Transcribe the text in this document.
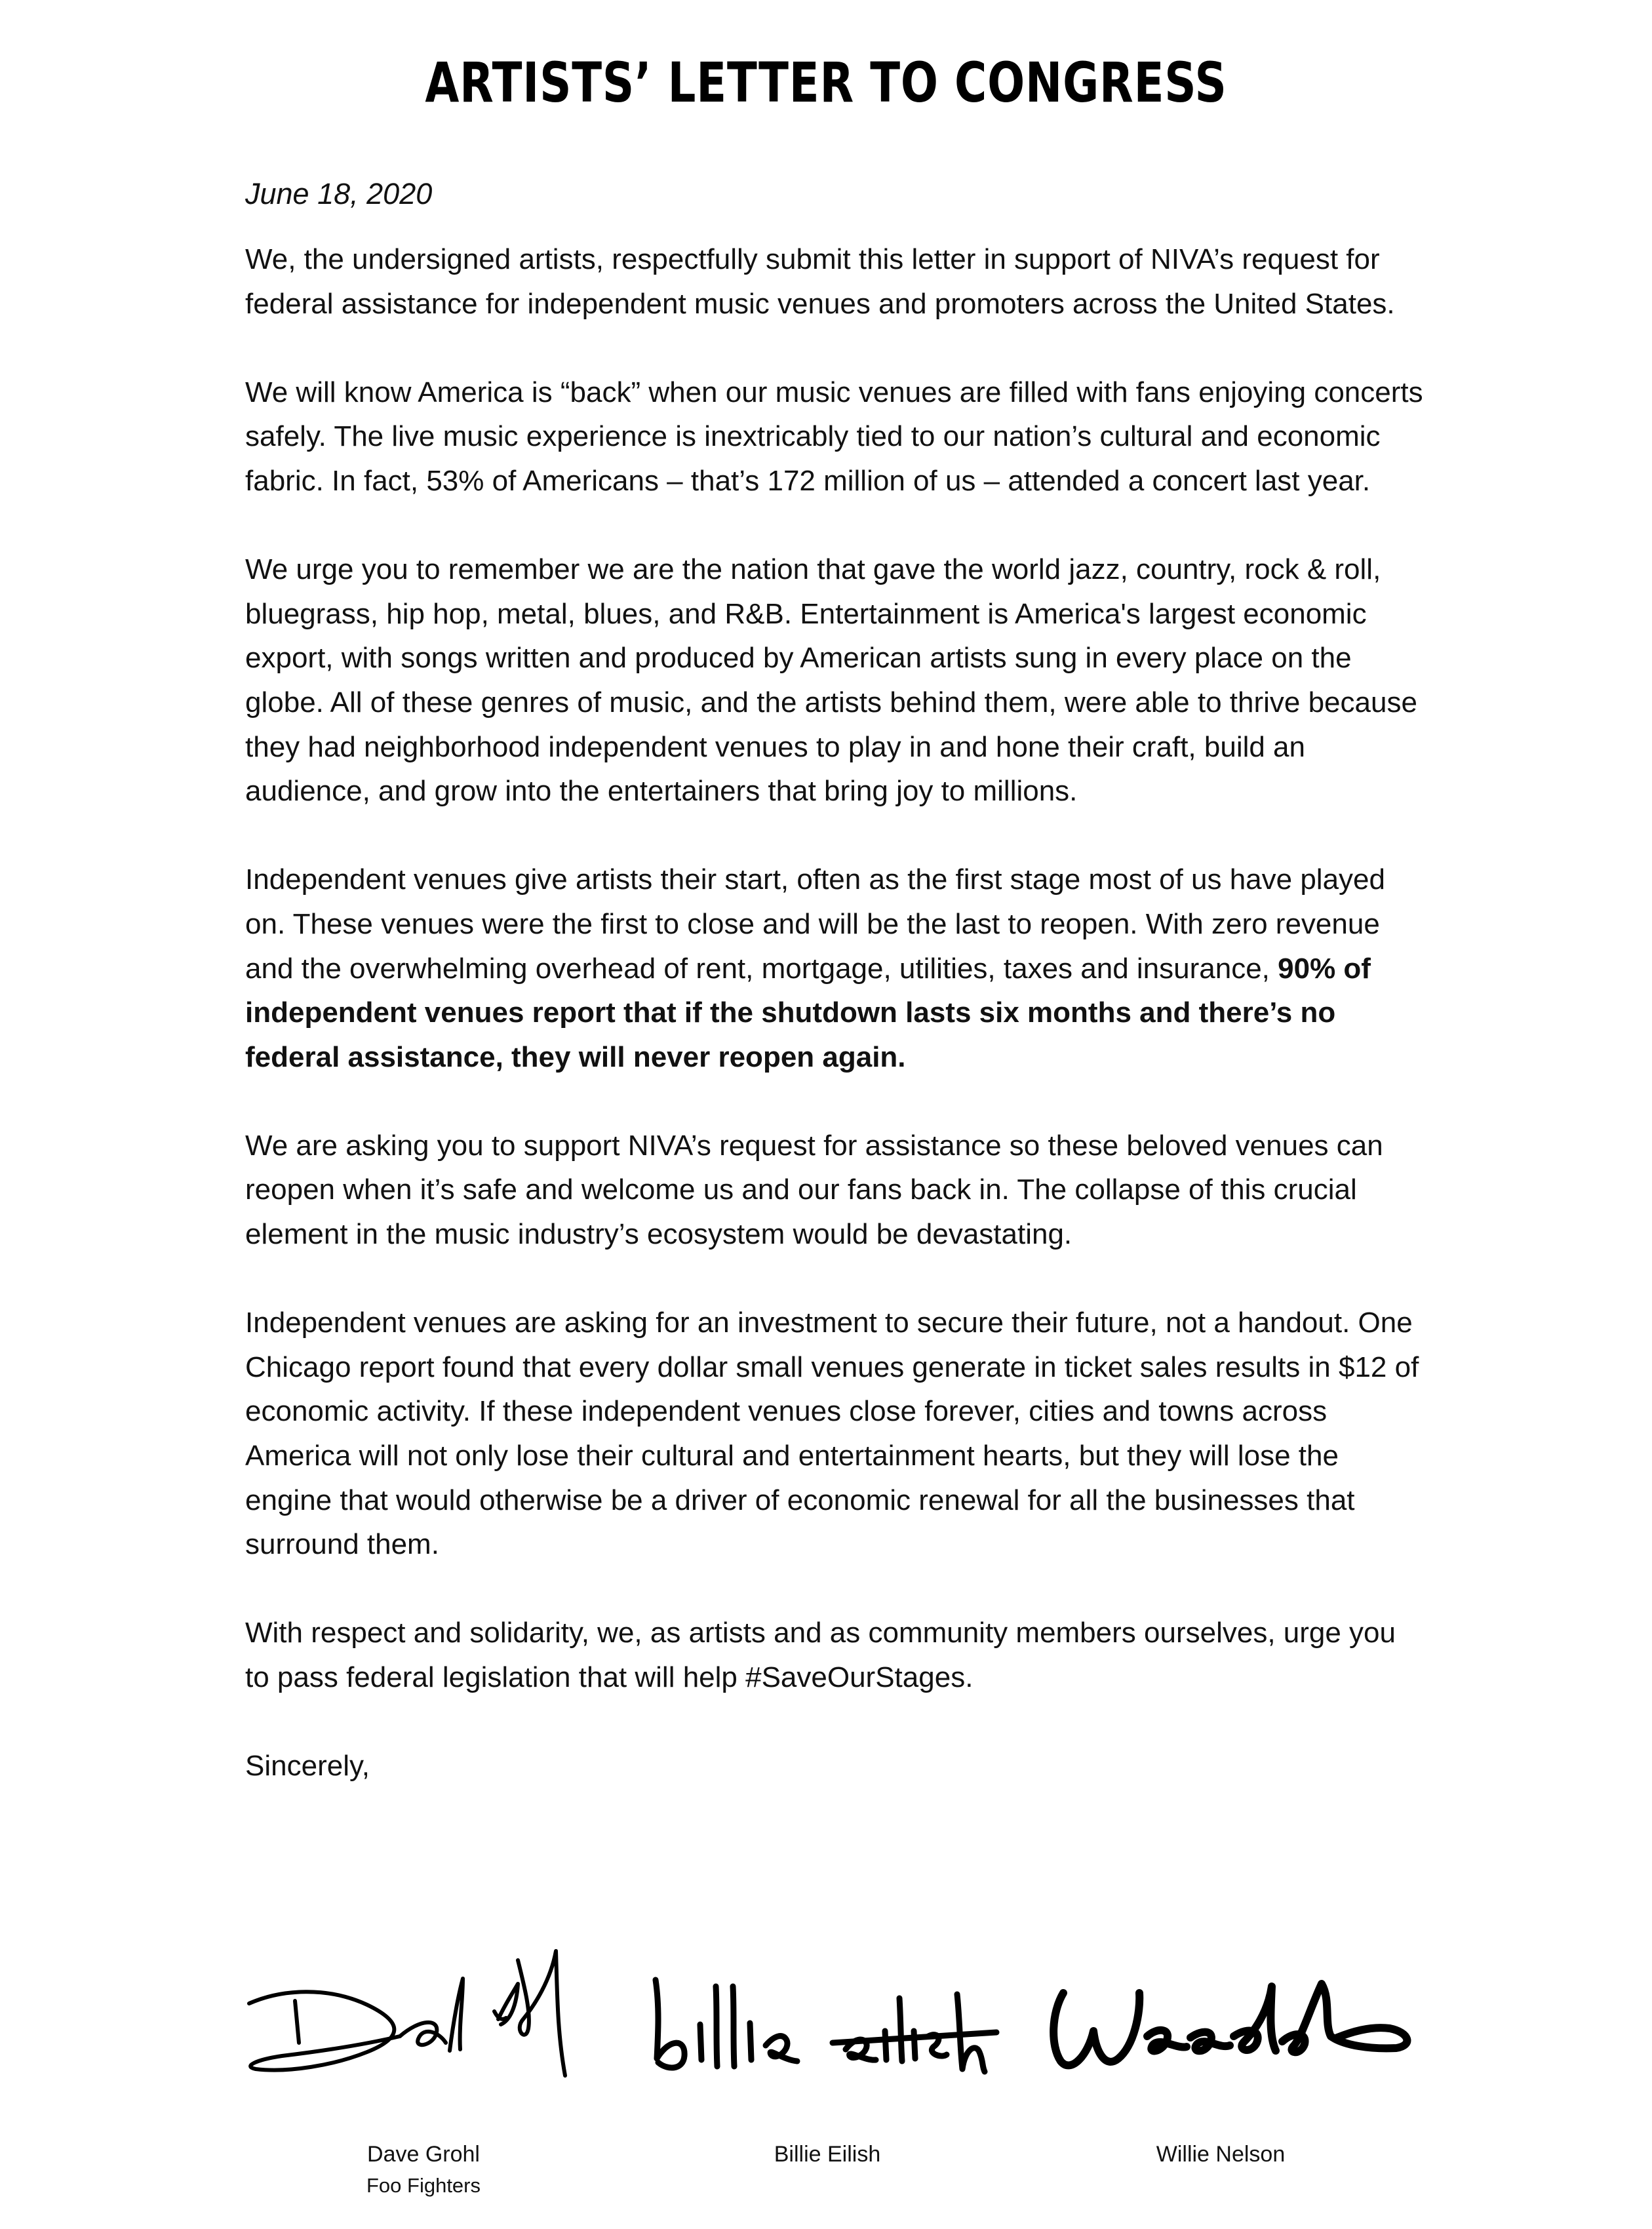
ARTISTS’ LETTER TO CONGRESS
June 18, 2020

We, the undersigned artists, respectfully submit this letter in support of NIVA’s request for federal assistance for independent music venues and promoters across the United States.

We will know America is “back” when our music venues are filled with fans enjoying concerts safely. The live music experience is inextricably tied to our nation’s cultural and economic fabric. In fact, 53% of Americans – that’s 172 million of us – attended a concert last year.

We urge you to remember we are the nation that gave the world jazz, country, rock & roll, bluegrass, hip hop, metal, blues, and R&B. Entertainment is America's largest economic export, with songs written and produced by American artists sung in every place on the globe. All of these genres of music, and the artists behind them, were able to thrive because they had neighborhood independent venues to play in and hone their craft, build an audience, and grow into the entertainers that bring joy to millions.

Independent venues give artists their start, often as the first stage most of us have played on. These venues were the first to close and will be the last to reopen. With zero revenue and the overwhelming overhead of rent, mortgage, utilities, taxes and insurance, 90% of independent venues report that if the shutdown lasts six months and there’s no federal assistance, they will never reopen again.

We are asking you to support NIVA’s request for assistance so these beloved venues can reopen when it’s safe and welcome us and our fans back in. The collapse of this crucial element in the music industry’s ecosystem would be devastating.

Independent venues are asking for an investment to secure their future, not a handout. One Chicago report found that every dollar small venues generate in ticket sales results in $12 of economic activity. If these independent venues close forever, cities and towns across America will not only lose their cultural and entertainment hearts, but they will lose the engine that would otherwise be a driver of economic renewal for all the businesses that surround them.

With respect and solidarity, we, as artists and as community members ourselves, urge you to pass federal legislation that will help #SaveOurStages.

Sincerely,

Dave Grohl
Foo Fighters
Billie Eilish	Willie Nelson
